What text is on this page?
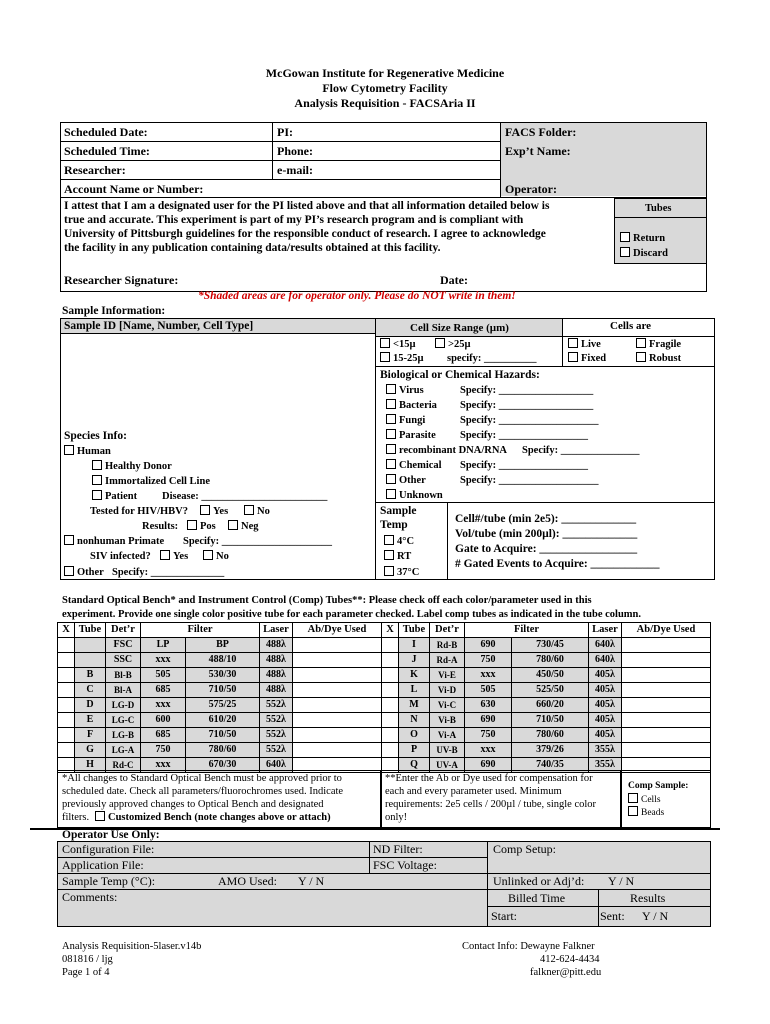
McGowan Institute for Regenerative Medicine
Flow Cytometry Facility
Analysis Requisition - FACSAria II
Scheduled Date:	PI:	FACS Folder:
Scheduled Time:	Phone:	Exp’t Name:
Researcher:	e-mail:
Account Name or Number:	Operator:
I attest that I am a designated user for the PI listed above and that all information detailed below is
true and accurate. This experiment is part of my PI’s research program and is compliant with
University of Pittsburgh guidelines for the responsible conduct of research. I agree to acknowledge
the facility in any publication containing data/results obtained at this facility.
Tubes
Return
Discard
Researcher Signature:	Date:
*Shaded areas are for operator only. Please do NOT write in them!
Sample Information:
Sample ID [Name, Number, Cell Type]	Cell Size Range (µm)	Cells are
<15µ	>25µ
15-25µ specify: __________
Live	Fragile
Fixed	Robust
Biological or Chemical Hazards:
Virus	Specify: __________________
Bacteria Specify: __________________
Fungi	Specify: ___________________
Parasite Specify: _________________
recombinant DNA/RNA Specify: _______________
Chemical Specify: _________________
Other	Specify: ___________________
Unknown
Species Info:
Human
Healthy Donor
Immortalized Cell Line
Patient Disease: ________________________
Tested for HIV/HBV?	Yes	No
Results:	Pos	Neg
nonhuman Primate Specify: _____________________
SIV infected?	Yes	No
Other Specify: ______________
Sample
Temp
4°C
RT
37°C
Cell#/tube (min 2e5): _____________
Vol/tube (min 200µl): _____________
Gate to Acquire: _________________
# Gated Events to Acquire: ____________
Standard Optical Bench* and Instrument Control (Comp) Tubes**: Please check off each color/parameter used in this
experiment. Provide one single color positive tube for each parameter checked. Label comp tubes as indicated in the tube column.
X	Tube	Det’r	Filter		Laser	Ab/Dye Used
		FSC	LP	BP	488λ	
		SSC	xxx	488/10	488λ	
	B	Bl-B	505	530/30	488λ	
	C	Bl-A	685	710/50	488λ	
	D	LG-D	xxx	575/25	552λ	
	E	LG-C	600	610/20	552λ	
	F	LG-B	685	710/50	552λ	
	G	LG-A	750	780/60	552λ	
	H	Rd-C	xxx	670/30	640λ	
X	Tube	Det’r	Filter		Laser	Ab/Dye Used
	I	Rd-B	690	730/45	640λ	
	J	Rd-A	750	780/60	640λ	
	K	Vi-E	xxx	450/50	405λ	
	L	Vi-D	505	525/50	405λ	
	M	Vi-C	630	660/20	405λ	
	N	Vi-B	690	710/50	405λ	
	O	Vi-A	750	780/60	405λ	
	P	UV-B	xxx	379/26	355λ	
	Q	UV-A	690	740/35	355λ	
*All changes to Standard Optical Bench must be approved prior to
scheduled date. Check all parameters/fluorochromes used. Indicate
previously approved changes to Optical Bench and designated
filters.	Customized Bench (note changes above or attach)
**Enter the Ab or Dye used for compensation for
each and every parameter used. Minimum
requirements: 2e5 cells / 200µl / tube, single color
only!
Comp Sample:
Cells
Beads
Operator Use Only:
Configuration File:	ND Filter:	Comp Setup:
Application File:	FSC Voltage:
Sample Temp (°C):	AMO Used: Y / N	Unlinked or Adj’d: Y / N
Comments:	Billed Time	Results
Start:	Sent: Y / N
Analysis Requisition-5laser.v14b
081816 / ljg
Page 1 of 4
Contact Info: Dewayne Falkner
412-624-4434
falkner@pitt.edu
